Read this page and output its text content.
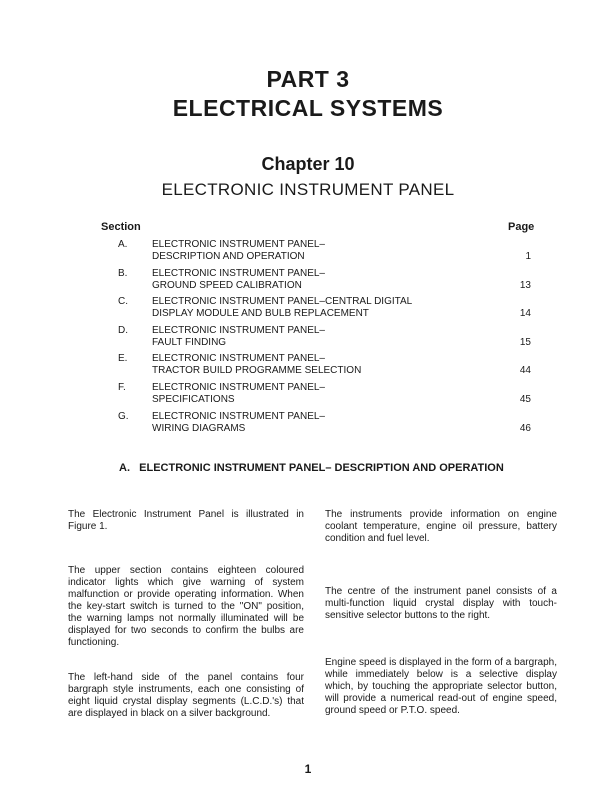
PART 3
ELECTRICAL SYSTEMS
Chapter 10
ELECTRONIC INSTRUMENT PANEL
Section	Page
A. ELECTRONIC INSTRUMENT PANEL–
DESCRIPTION AND OPERATION	1
B. ELECTRONIC INSTRUMENT PANEL–
GROUND SPEED CALIBRATION	13
C. ELECTRONIC INSTRUMENT PANEL–CENTRAL DIGITAL
DISPLAY MODULE AND BULB REPLACEMENT	14
D. ELECTRONIC INSTRUMENT PANEL–
FAULT FINDING	15
E. ELECTRONIC INSTRUMENT PANEL–
TRACTOR BUILD PROGRAMME SELECTION	44
F.	ELECTRONIC INSTRUMENT PANEL–
SPECIFICATIONS	45
G. ELECTRONIC INSTRUMENT PANEL–
WIRING DIAGRAMS	46
A.   ELECTRONIC INSTRUMENT PANEL– DESCRIPTION AND OPERATION
The Electronic Instrument Panel is illustrated in Figure 1.
The upper section contains eighteen coloured indicator lights which give warning of system malfunction or provide operating information. When the key-start switch is turned to the "ON" position, the warning lamps not normally illuminated will be displayed for two seconds to confirm the bulbs are functioning.
The left-hand side of the panel contains four bargraph style instruments, each one consisting of eight liquid crystal display segments (L.C.D.'s) that are displayed in black on a silver background.
The instruments provide information on engine coolant temperature, engine oil pressure, battery condition and fuel level.
The centre of the instrument panel consists of a multi-function liquid crystal display with touch-sensitive selector buttons to the right.
Engine speed is displayed in the form of a bargraph, while immediately below is a selective display which, by touching the appropriate selector button, will provide a numerical read-out of engine speed, ground speed or P.T.O. speed.
1
